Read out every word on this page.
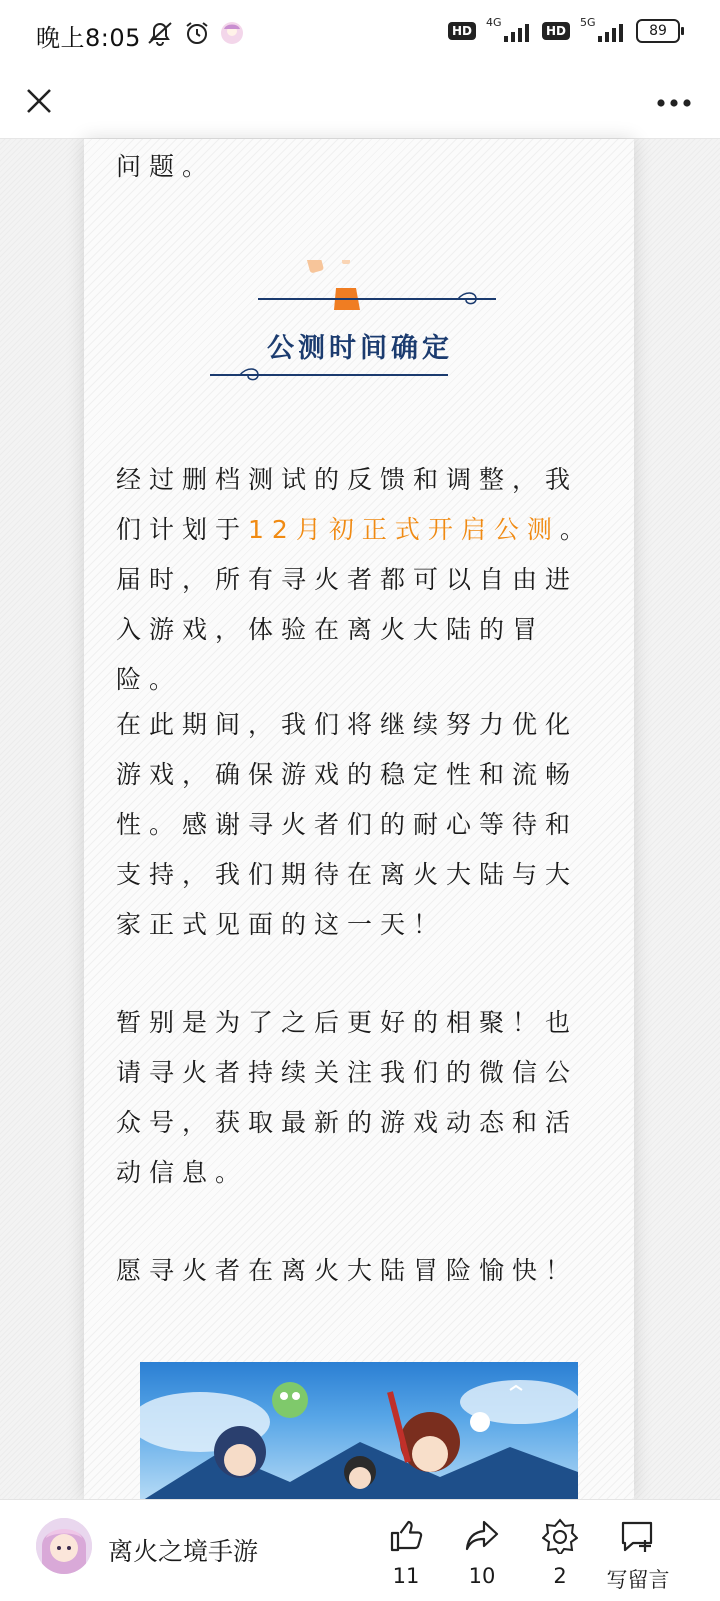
晚上8:05	HD
4G
HD
5G
89
问题。
公测时间确定
经过删档测试的反馈和调整，我们计划于12月初正式开启公测。届时，所有寻火者都可以自由进入游戏，体验在离火大陆的冒险。
在此期间，我们将继续努力优化游戏，确保游戏的稳定性和流畅性。感谢寻火者们的耐心等待和支持，我们期待在离火大陆与大家正式见面的这一天！
暂别是为了之后更好的相聚！也请寻火者持续关注我们的微信公众号，获取最新的游戏动态和活动信息。
愿寻火者在离火大陆冒险愉快！
离火之境手游
11	10	2	写留言
